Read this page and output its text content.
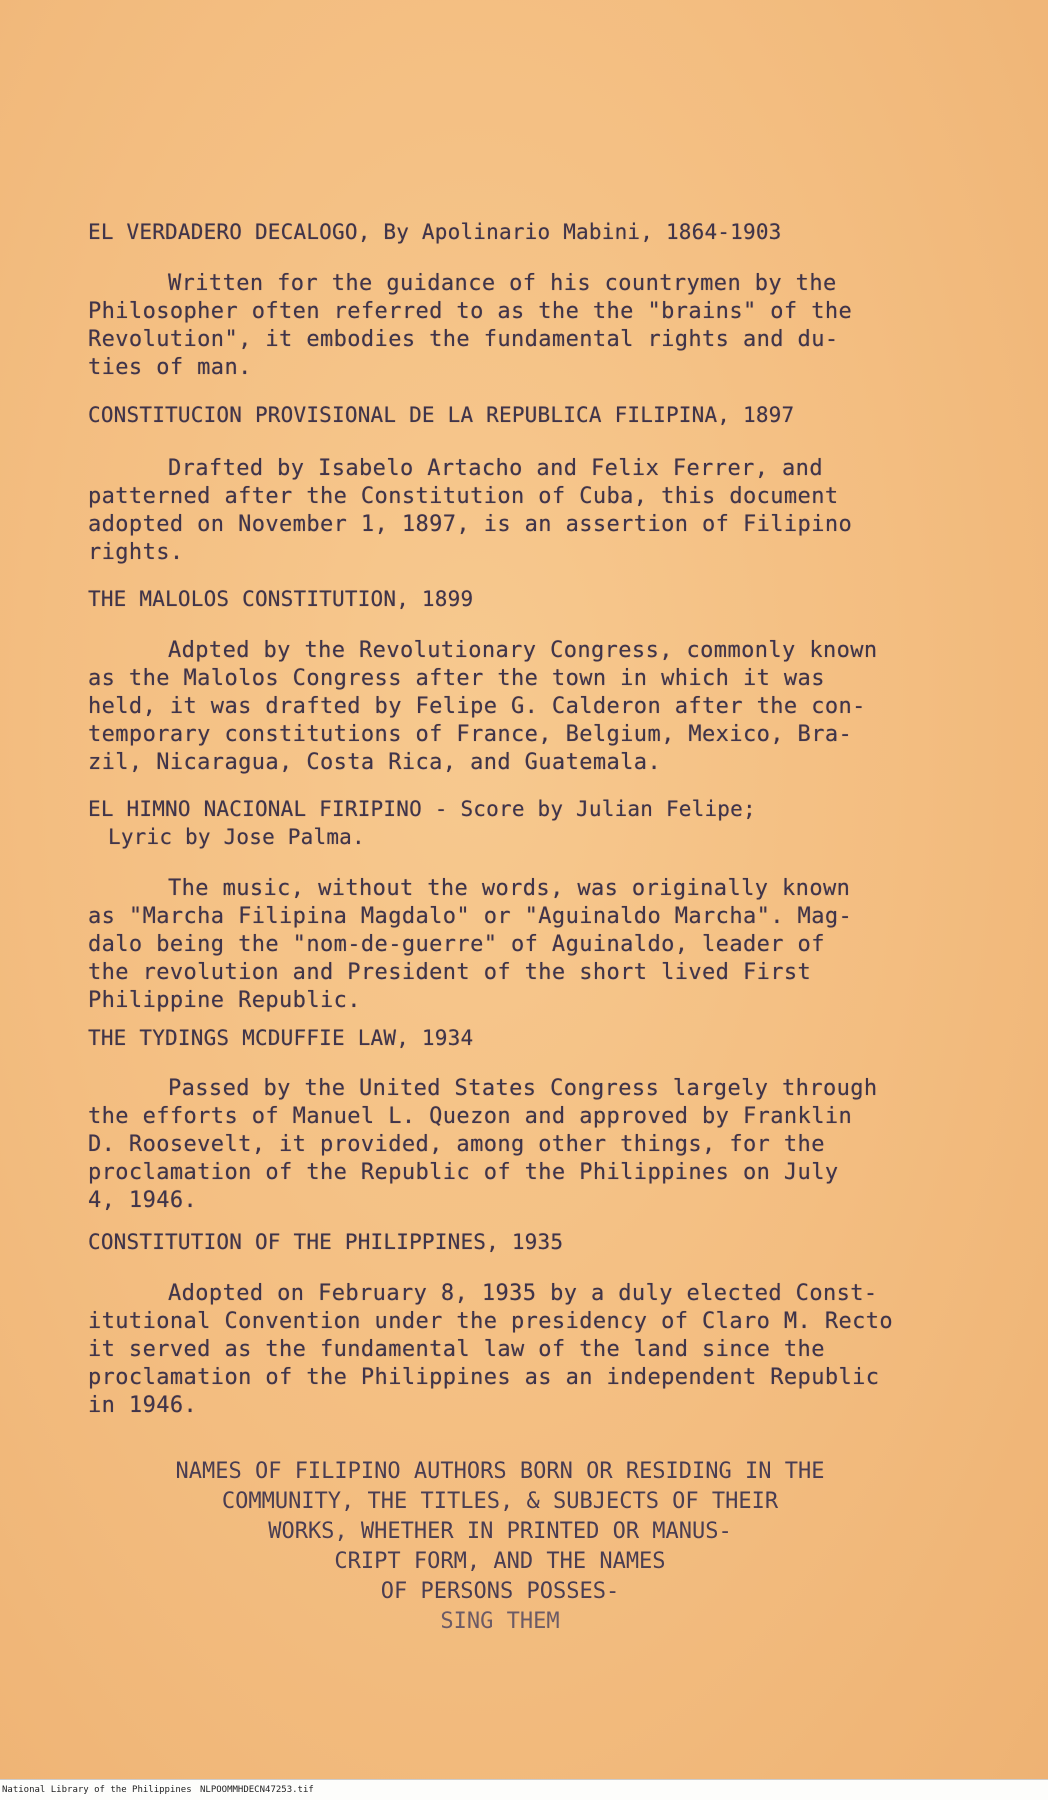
EL VERDADERO DECALOGO, By Apolinario Mabini, 1864-1903
Written for the guidance of his countrymen by the
Philosopher often referred to as the the "brains" of the
Revolution", it embodies the fundamental rights and du-
ties of man.
CONSTITUCION PROVISIONAL DE LA REPUBLICA FILIPINA, 1897
Drafted by Isabelo Artacho and Felix Ferrer, and
patterned after the Constitution of Cuba, this document
adopted on November 1, 1897, is an assertion of Filipino
rights.
THE MALOLOS CONSTITUTION, 1899
Adpted by the Revolutionary Congress, commonly known
as the Malolos Congress after the town in which it was
held, it was drafted by Felipe G. Calderon after the con-
temporary constitutions of France, Belgium, Mexico, Bra-
zil, Nicaragua, Costa Rica, and Guatemala.
EL HIMNO NACIONAL FIRIPINO - Score by Julian Felipe;
Lyric by Jose Palma.
The music, without the words, was originally known
as "Marcha Filipina Magdalo" or "Aguinaldo Marcha". Mag-
dalo being the "nom-de-guerre" of Aguinaldo, leader of
the revolution and President of the short lived First
Philippine Republic.
THE TYDINGS MCDUFFIE LAW, 1934
Passed by the United States Congress largely through
the efforts of Manuel L. Quezon and approved by Franklin
D. Roosevelt, it provided, among other things, for the
proclamation of the Republic of the Philippines on July
4, 1946.
CONSTITUTION OF THE PHILIPPINES, 1935
Adopted on February 8, 1935 by a duly elected Const-
itutional Convention under the presidency of Claro M. Recto
it served as the fundamental law of the land since the
proclamation of the Philippines as an independent Republic
in 1946.
NAMES OF FILIPINO AUTHORS BORN OR RESIDING IN THE
COMMUNITY, THE TITLES, & SUBJECTS OF THEIR
WORKS, WHETHER IN PRINTED OR MANUS-
CRIPT FORM, AND THE NAMES
OF PERSONS POSSES-
SING THEM
National Library of the Philippines NLPOOMMHDECN47253.tif
